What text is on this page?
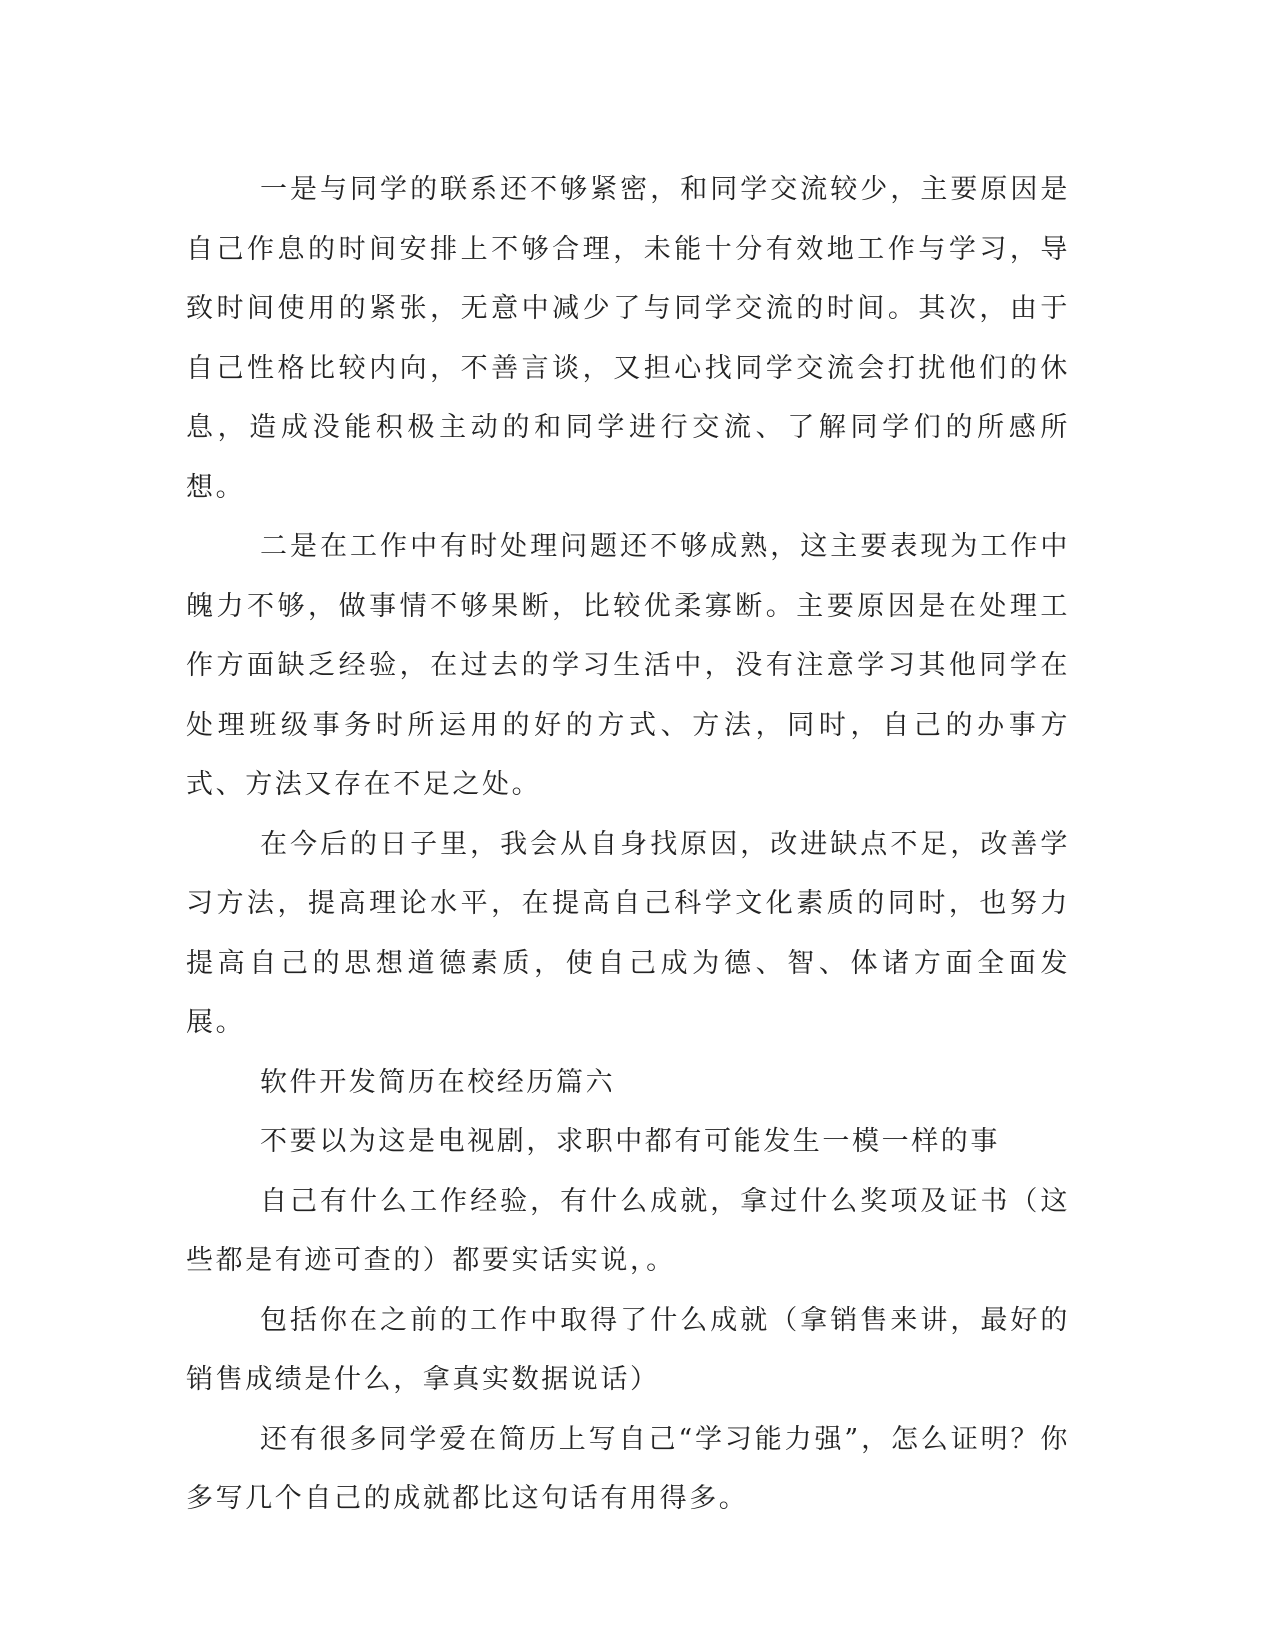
一是与同学的联系还不够紧密，和同学交流较少，主要原因是自己作息的时间安排上不够合理，未能十分有效地工作与学习，导致时间使用的紧张，无意中减少了与同学交流的时间。其次，由于自己性格比较内向，不善言谈，又担心找同学交流会打扰他们的休息，造成没能积极主动的和同学进行交流、了解同学们的所感所想。

二是在工作中有时处理问题还不够成熟，这主要表现为工作中魄力不够，做事情不够果断，比较优柔寡断。主要原因是在处理工作方面缺乏经验，在过去的学习生活中，没有注意学习其他同学在处理班级事务时所运用的好的方式、方法，同时，自己的办事方式、方法又存在不足之处。

在今后的日子里，我会从自身找原因，改进缺点不足，改善学习方法，提高理论水平，在提高自己科学文化素质的同时，也努力提高自己的思想道德素质，使自己成为德、智、体诸方面全面发展。

软件开发简历在校经历篇六

不要以为这是电视剧，求职中都有可能发生一模一样的事

自己有什么工作经验，有什么成就，拿过什么奖项及证书（这些都是有迹可查的）都要实话实说，。

包括你在之前的工作中取得了什么成就（拿销售来讲，最好的销售成绩是什么，拿真实数据说话）

还有很多同学爱在简历上写自己“学习能力强”，怎么证明？你多写几个自己的成就都比这句话有用得多。
